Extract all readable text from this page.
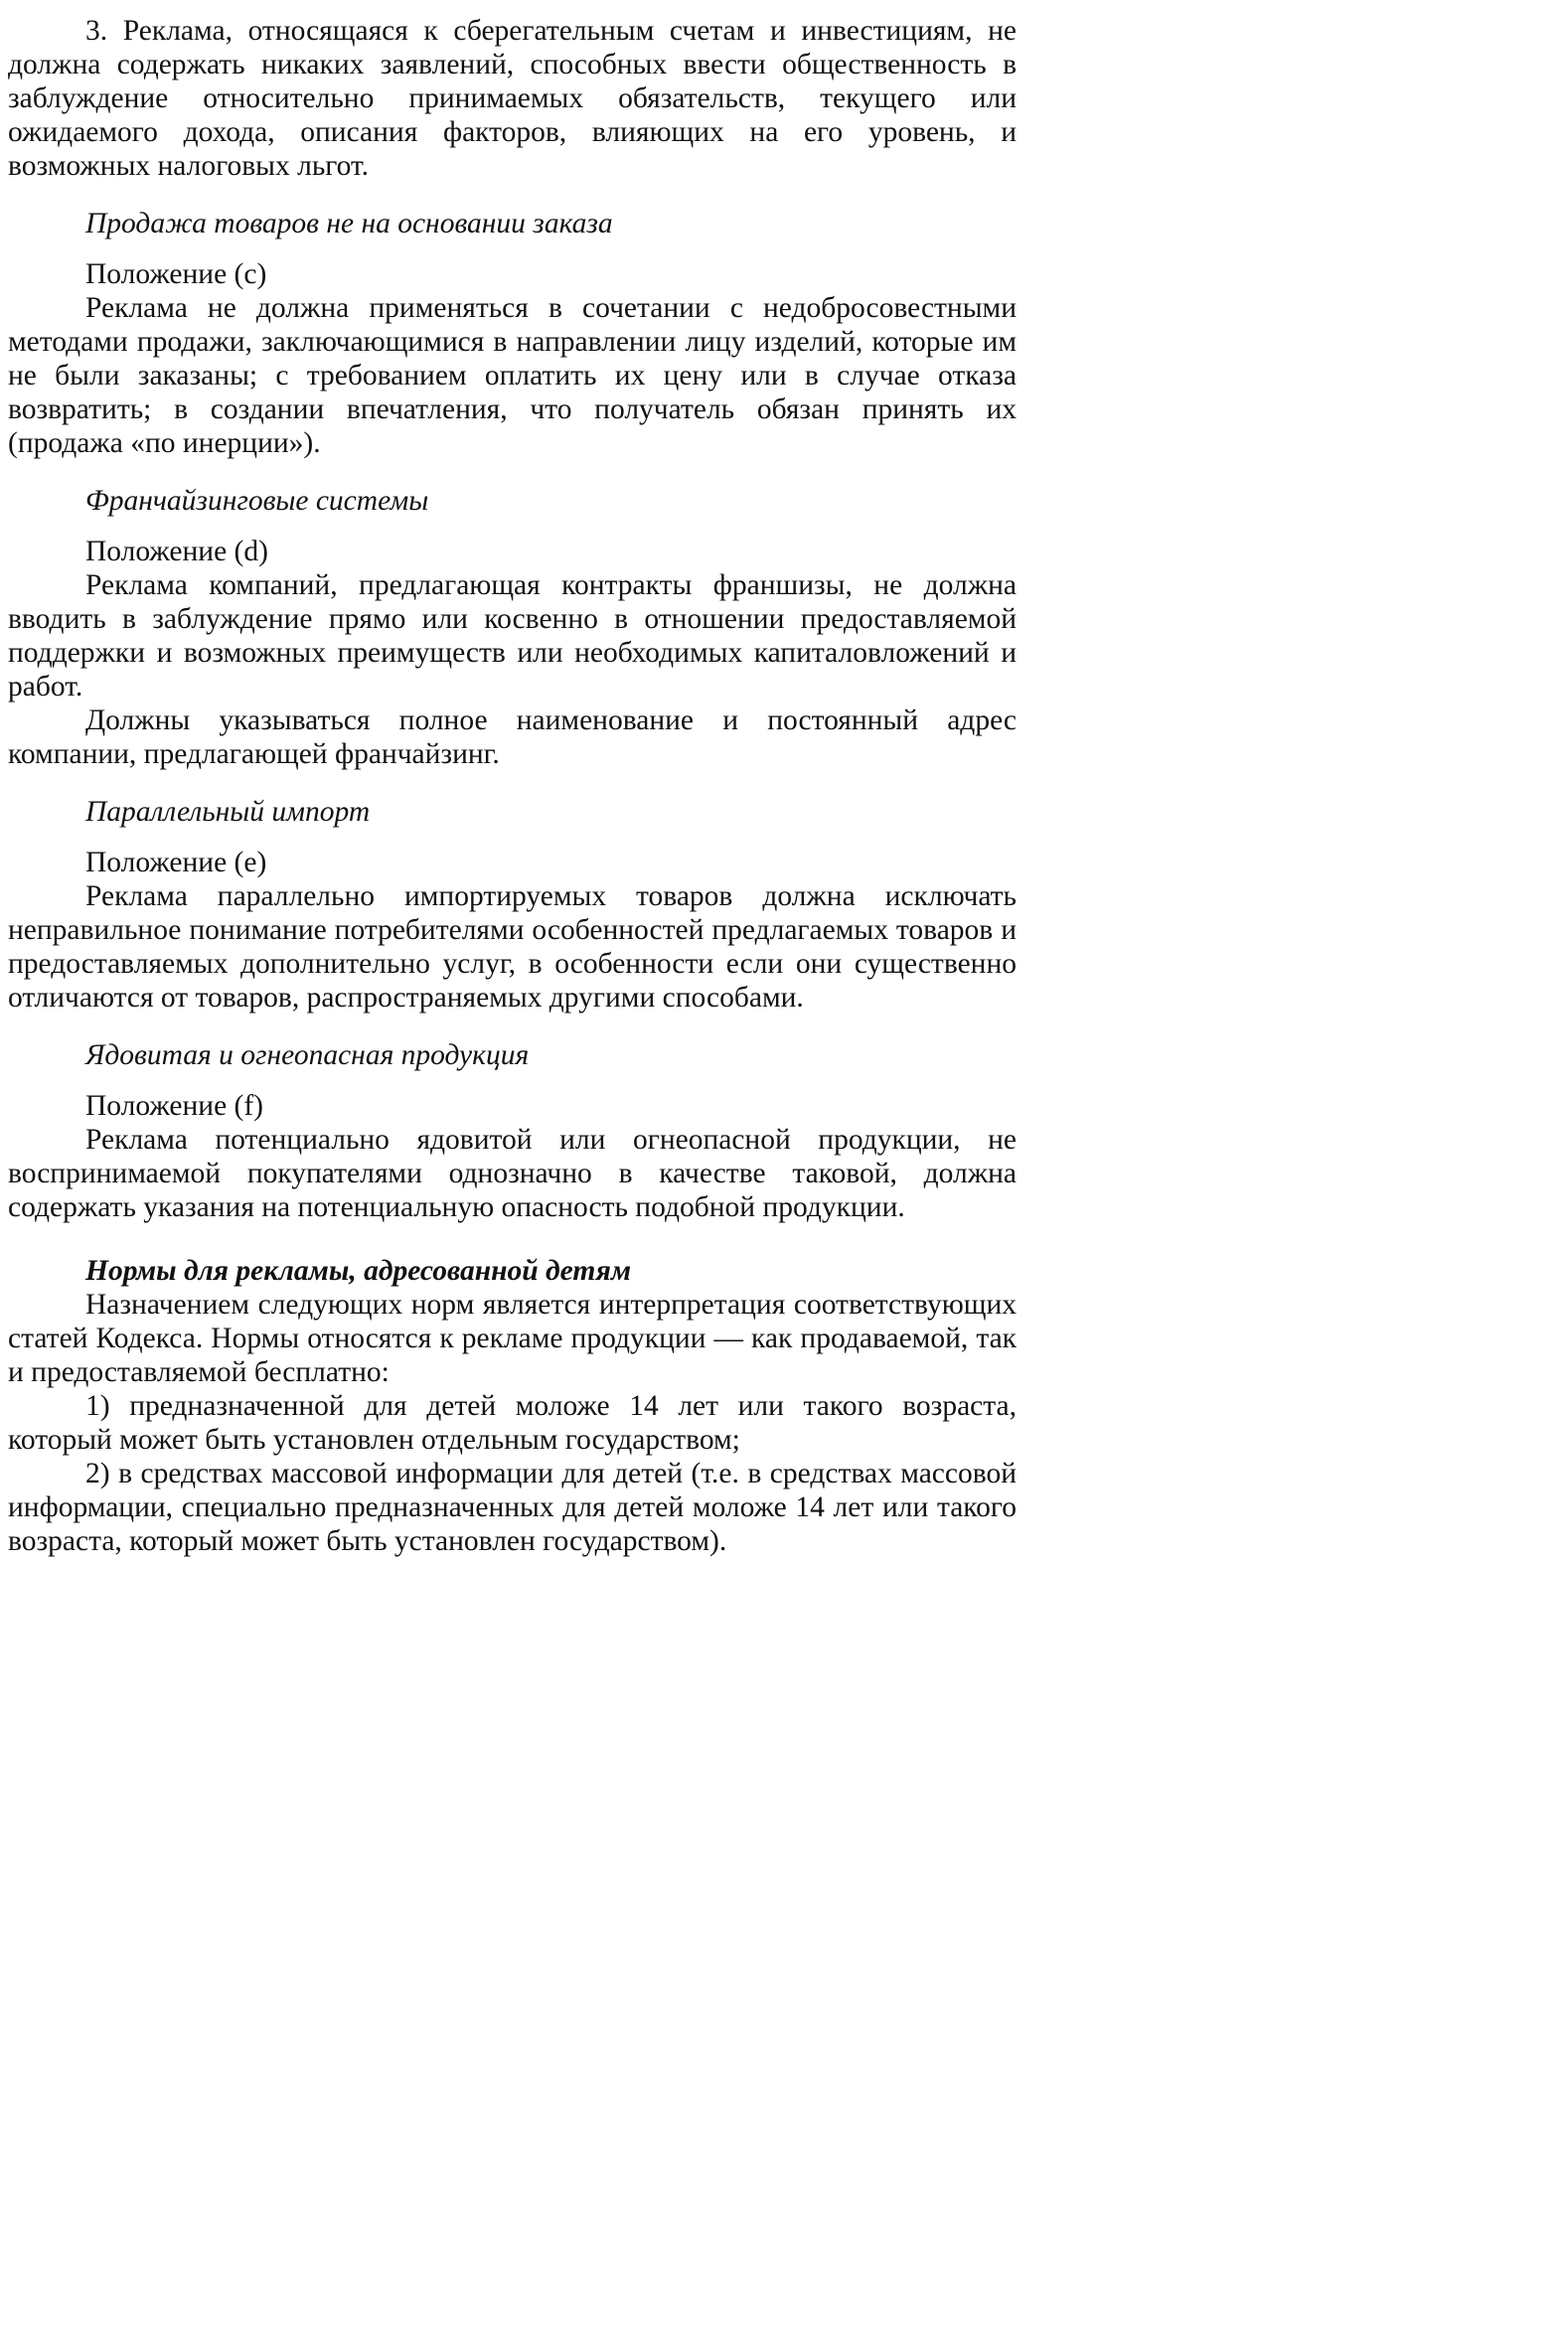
3. Реклама, относящаяся к сберегательным счетам и инвестициям, не должна содержать никаких заявлений, способных ввести общественность в заблуждение относительно принимаемых обязательств, текущего или ожидаемого дохода, описания факторов, влияющих на его уровень, и возможных налоговых льгот.

Продажа товаров не на основании заказа

Положение (c)

Реклама не должна применяться в сочетании с недобросовестными методами продажи, заключающимися в направлении лицу изделий, которые им не были заказаны; с требованием оплатить их цену или в случае отказа возвратить; в создании впечатления, что получатель обязан принять их (продажа «по инерции»).

Франчайзинговые системы

Положение (d)

Реклама компаний, предлагающая контракты франшизы, не должна вводить в заблуждение прямо или косвенно в отношении предоставляемой поддержки и возможных преимуществ или необходимых капиталовложений и работ.

Должны указываться полное наименование и постоянный адрес компании, предлагающей франчайзинг.

Параллельный импорт

Положение (e)

Реклама параллельно импортируемых товаров должна исключать неправильное понимание потребителями особенностей предлагаемых товаров и предоставляемых дополнительно услуг, в особенности если они существенно отличаются от товаров, распространяемых другими способами.

Ядовитая и огнеопасная продукция

Положение (f)

Реклама потенциально ядовитой или огнеопасной продукции, не воспринимаемой покупателями однозначно в качестве таковой, должна содержать указания на потенциальную опасность подобной продукции.

Нормы для рекламы, адресованной детям

Назначением следующих норм является интерпретация соответствующих статей Кодекса. Нормы относятся к рекламе продукции — как продаваемой, так и предоставляемой бесплатно:

1) предназначенной для детей моложе 14 лет или такого возраста, который может быть установлен отдельным государством;

2) в средствах массовой информации для детей (т.е. в средствах массовой информации, специально предназначенных для детей моложе 14 лет или такого возраста, который может быть установлен государством).
